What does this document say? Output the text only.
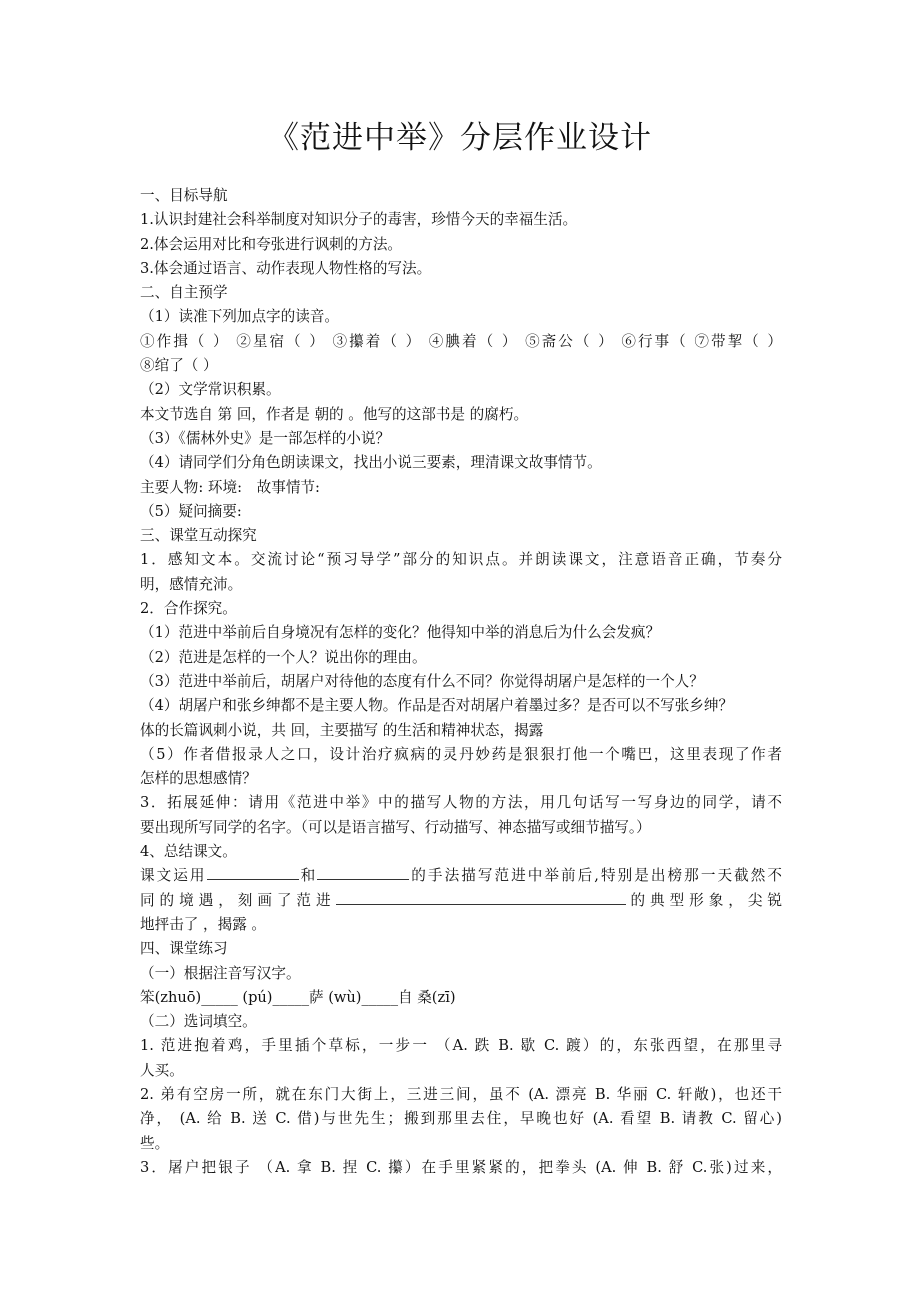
《范进中举》分层作业设计
一、目标导航
1.认识封建社会科举制度对知识分子的毒害，珍惜今天的幸福生活。
2.体会运用对比和夸张进行讽刺的方法。
3.体会通过语言、动作表现人物性格的写法。
二、自主预学
（1）读准下列加点字的读音。
①作揖（ ） ②星宿（ ） ③攥着（ ） ④腆着（ ） ⑤斋公（ ） ⑥行事（ ⑦带挈（ ）
⑧绾了（ ）
（2）文学常识积累。
本文节选自 第 回，作者是 朝的 。他写的这部书是 的腐朽。
（3）《儒林外史》是一部怎样的小说？
（4）请同学们分角色朗读课文，找出小说三要素，理清课文故事情节。
主要人物: 环境:　故事情节:
（5）疑问摘要:
三、课堂互动探究
1．感知文本。交流讨论“预习导学”部分的知识点。并朗读课文，注意语音正确，节奏分
明，感情充沛。
2．合作探究。
（1）范进中举前后自身境况有怎样的变化？他得知中举的消息后为什么会发疯？
（2）范进是怎样的一个人？说出你的理由。
（3）范进中举前后，胡屠户对待他的态度有什么不同？你觉得胡屠户是怎样的一个人？
（4）胡屠户和张乡绅都不是主要人物。作品是否对胡屠户着墨过多？是否可以不写张乡绅？
体的长篇讽刺小说，共 回，主要描写 的生活和精神状态，揭露
（5）作者借报录人之口，设计治疗疯病的灵丹妙药是狠狠打他一个嘴巴，这里表现了作者
怎样的思想感情？
3．拓展延伸：请用《范进中举》中的描写人物的方法，用几句话写一写身边的同学，请不
要出现所写同学的名字。（可以是语言描写、行动描写、神态描写或细节描写。）
4、总结课文。
课文运用	和	的手法描写范进中举前后,特别是出榜那一天截然不
同的境遇，刻画了范进	的典型形象，尖锐
地抨击了 ，揭露 。
四、课堂练习
（一）根据注音写汉字。
笨(zhuō)_____ (pú)_____萨 (wù)_____自 桑(zī)
（二）选词填空。
1. 范进抱着鸡，手里插个草标，一步一 （A. 跌 B. 歇 C. 踱）的，东张西望，在那里寻
人买。
2. 弟有空房一所，就在东门大街上，三进三间，虽不 (A. 漂亮 B. 华丽 C. 轩敞)，也还干
净， (A. 给 B. 送 C. 借)与世先生；搬到那里去住，早晚也好 (A. 看望 B. 请教 C. 留心)
些。
3．屠户把银子 （A. 拿 B. 捏 C. 攥）在手里紧紧的，把拳头 (A. 伸 B. 舒 C.张)过来，
